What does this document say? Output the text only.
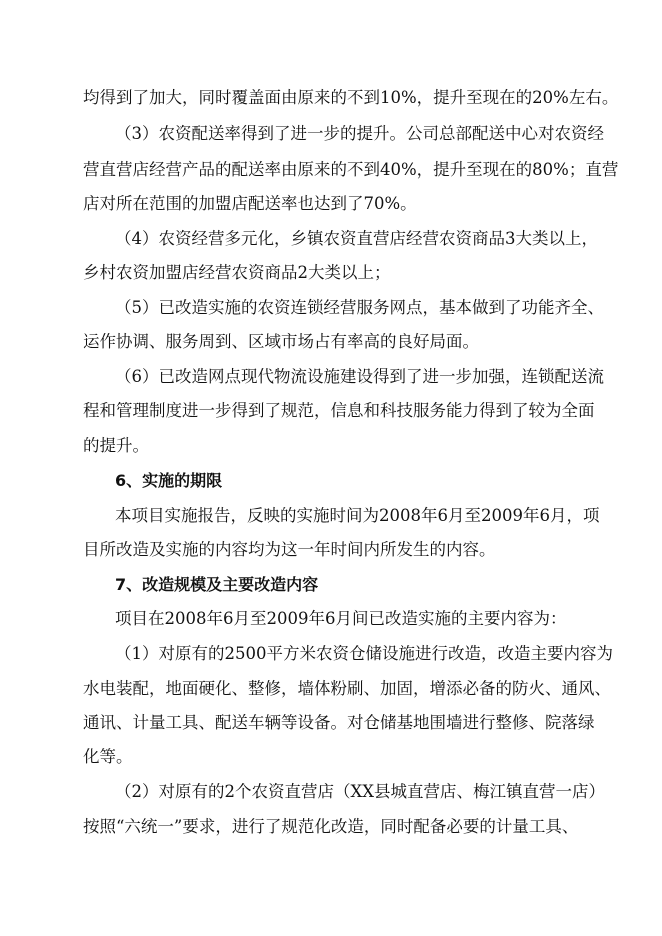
均得到了加大，同时覆盖面由原来的不到10%，提升至现在的20%左右。
（3）农资配送率得到了进一步的提升。公司总部配送中心对农资经
营直营店经营产品的配送率由原来的不到40%，提升至现在的80%；直营
店对所在范围的加盟店配送率也达到了70%。
（4）农资经营多元化，乡镇农资直营店经营农资商品3大类以上，
乡村农资加盟店经营农资商品2大类以上；
（5）已改造实施的农资连锁经营服务网点，基本做到了功能齐全、
运作协调、服务周到、区域市场占有率高的良好局面。
（6）已改造网点现代物流设施建设得到了进一步加强，连锁配送流
程和管理制度进一步得到了规范，信息和科技服务能力得到了较为全面
的提升。
6、实施的期限
本项目实施报告，反映的实施时间为2008年6月至2009年6月，项
目所改造及实施的内容均为这一年时间内所发生的内容。
7、改造规模及主要改造内容
项目在2008年6月至2009年6月间已改造实施的主要内容为：
（1）对原有的2500平方米农资仓储设施进行改造，改造主要内容为
水电装配，地面硬化、整修，墙体粉刷、加固，增添必备的防火、通风、
通讯、计量工具、配送车辆等设备。对仓储基地围墙进行整修、院落绿
化等。
（2）对原有的2个农资直营店（XX县城直营店、梅江镇直营一店）
按照“六统一”要求，进行了规范化改造，同时配备必要的计量工具、
